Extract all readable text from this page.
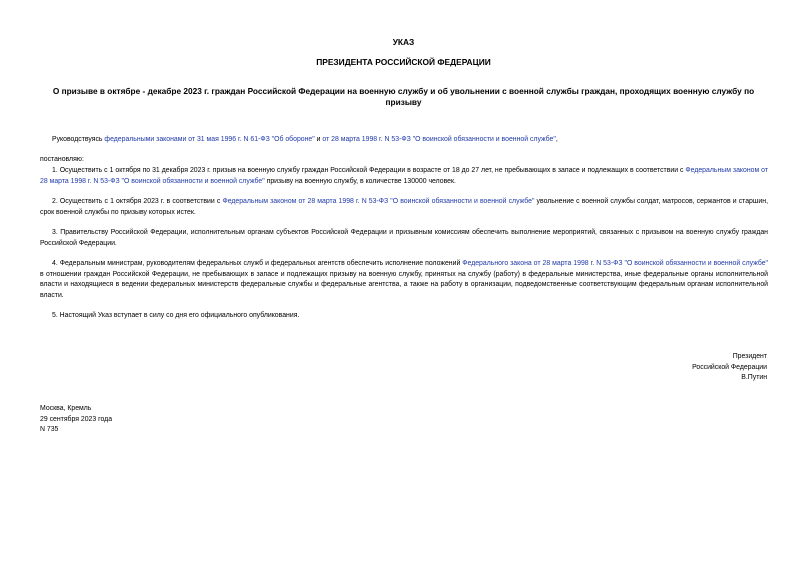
УКАЗ
ПРЕЗИДЕНТА РОССИЙСКОЙ ФЕДЕРАЦИИ
О призыве в октябре - декабре 2023 г. граждан Российской Федерации на военную службу и об увольнении с военной службы граждан, проходящих военную службу по призыву
Руководствуясь федеральными законами от 31 мая 1996 г. N 61-ФЗ "Об обороне" и от 28 марта 1998 г. N 53-ФЗ "О воинской обязанности и военной службе",
постановляю:
1. Осуществить с 1 октября по 31 декабря 2023 г. призыв на военную службу граждан Российской Федерации в возрасте от 18 до 27 лет, не пребывающих в запасе и подлежащих в соответствии с Федеральным законом от 28 марта 1998 г. N 53-ФЗ "О воинской обязанности и военной службе" призыву на военную службу, в количестве 130000 человек.
2. Осуществить с 1 октября 2023 г. в соответствии с Федеральным законом от 28 марта 1998 г. N 53-ФЗ "О воинской обязанности и военной службе" увольнение с военной службы солдат, матросов, сержантов и старшин, срок военной службы по призыву которых истек.
3. Правительству Российской Федерации, исполнительным органам субъектов Российской Федерации и призывным комиссиям обеспечить выполнение мероприятий, связанных с призывом на военную службу граждан Российской Федерации.
4. Федеральным министрам, руководителям федеральных служб и федеральных агентств обеспечить исполнение положений Федерального закона от 28 марта 1998 г. N 53-ФЗ "О воинской обязанности и военной службе" в отношении граждан Российской Федерации, не пребывающих в запасе и подлежащих призыву на военную службу, принятых на службу (работу) в федеральные министерства, иные федеральные органы исполнительной власти и находящиеся в ведении федеральных министерств федеральные службы и федеральные агентства, а также на работу в организации, подведомственные соответствующим федеральным органам исполнительной власти.
5. Настоящий Указ вступает в силу со дня его официального опубликования.
Президент
Российской Федерации
В.Путин
Москва, Кремль
29 сентября 2023 года
N 735
